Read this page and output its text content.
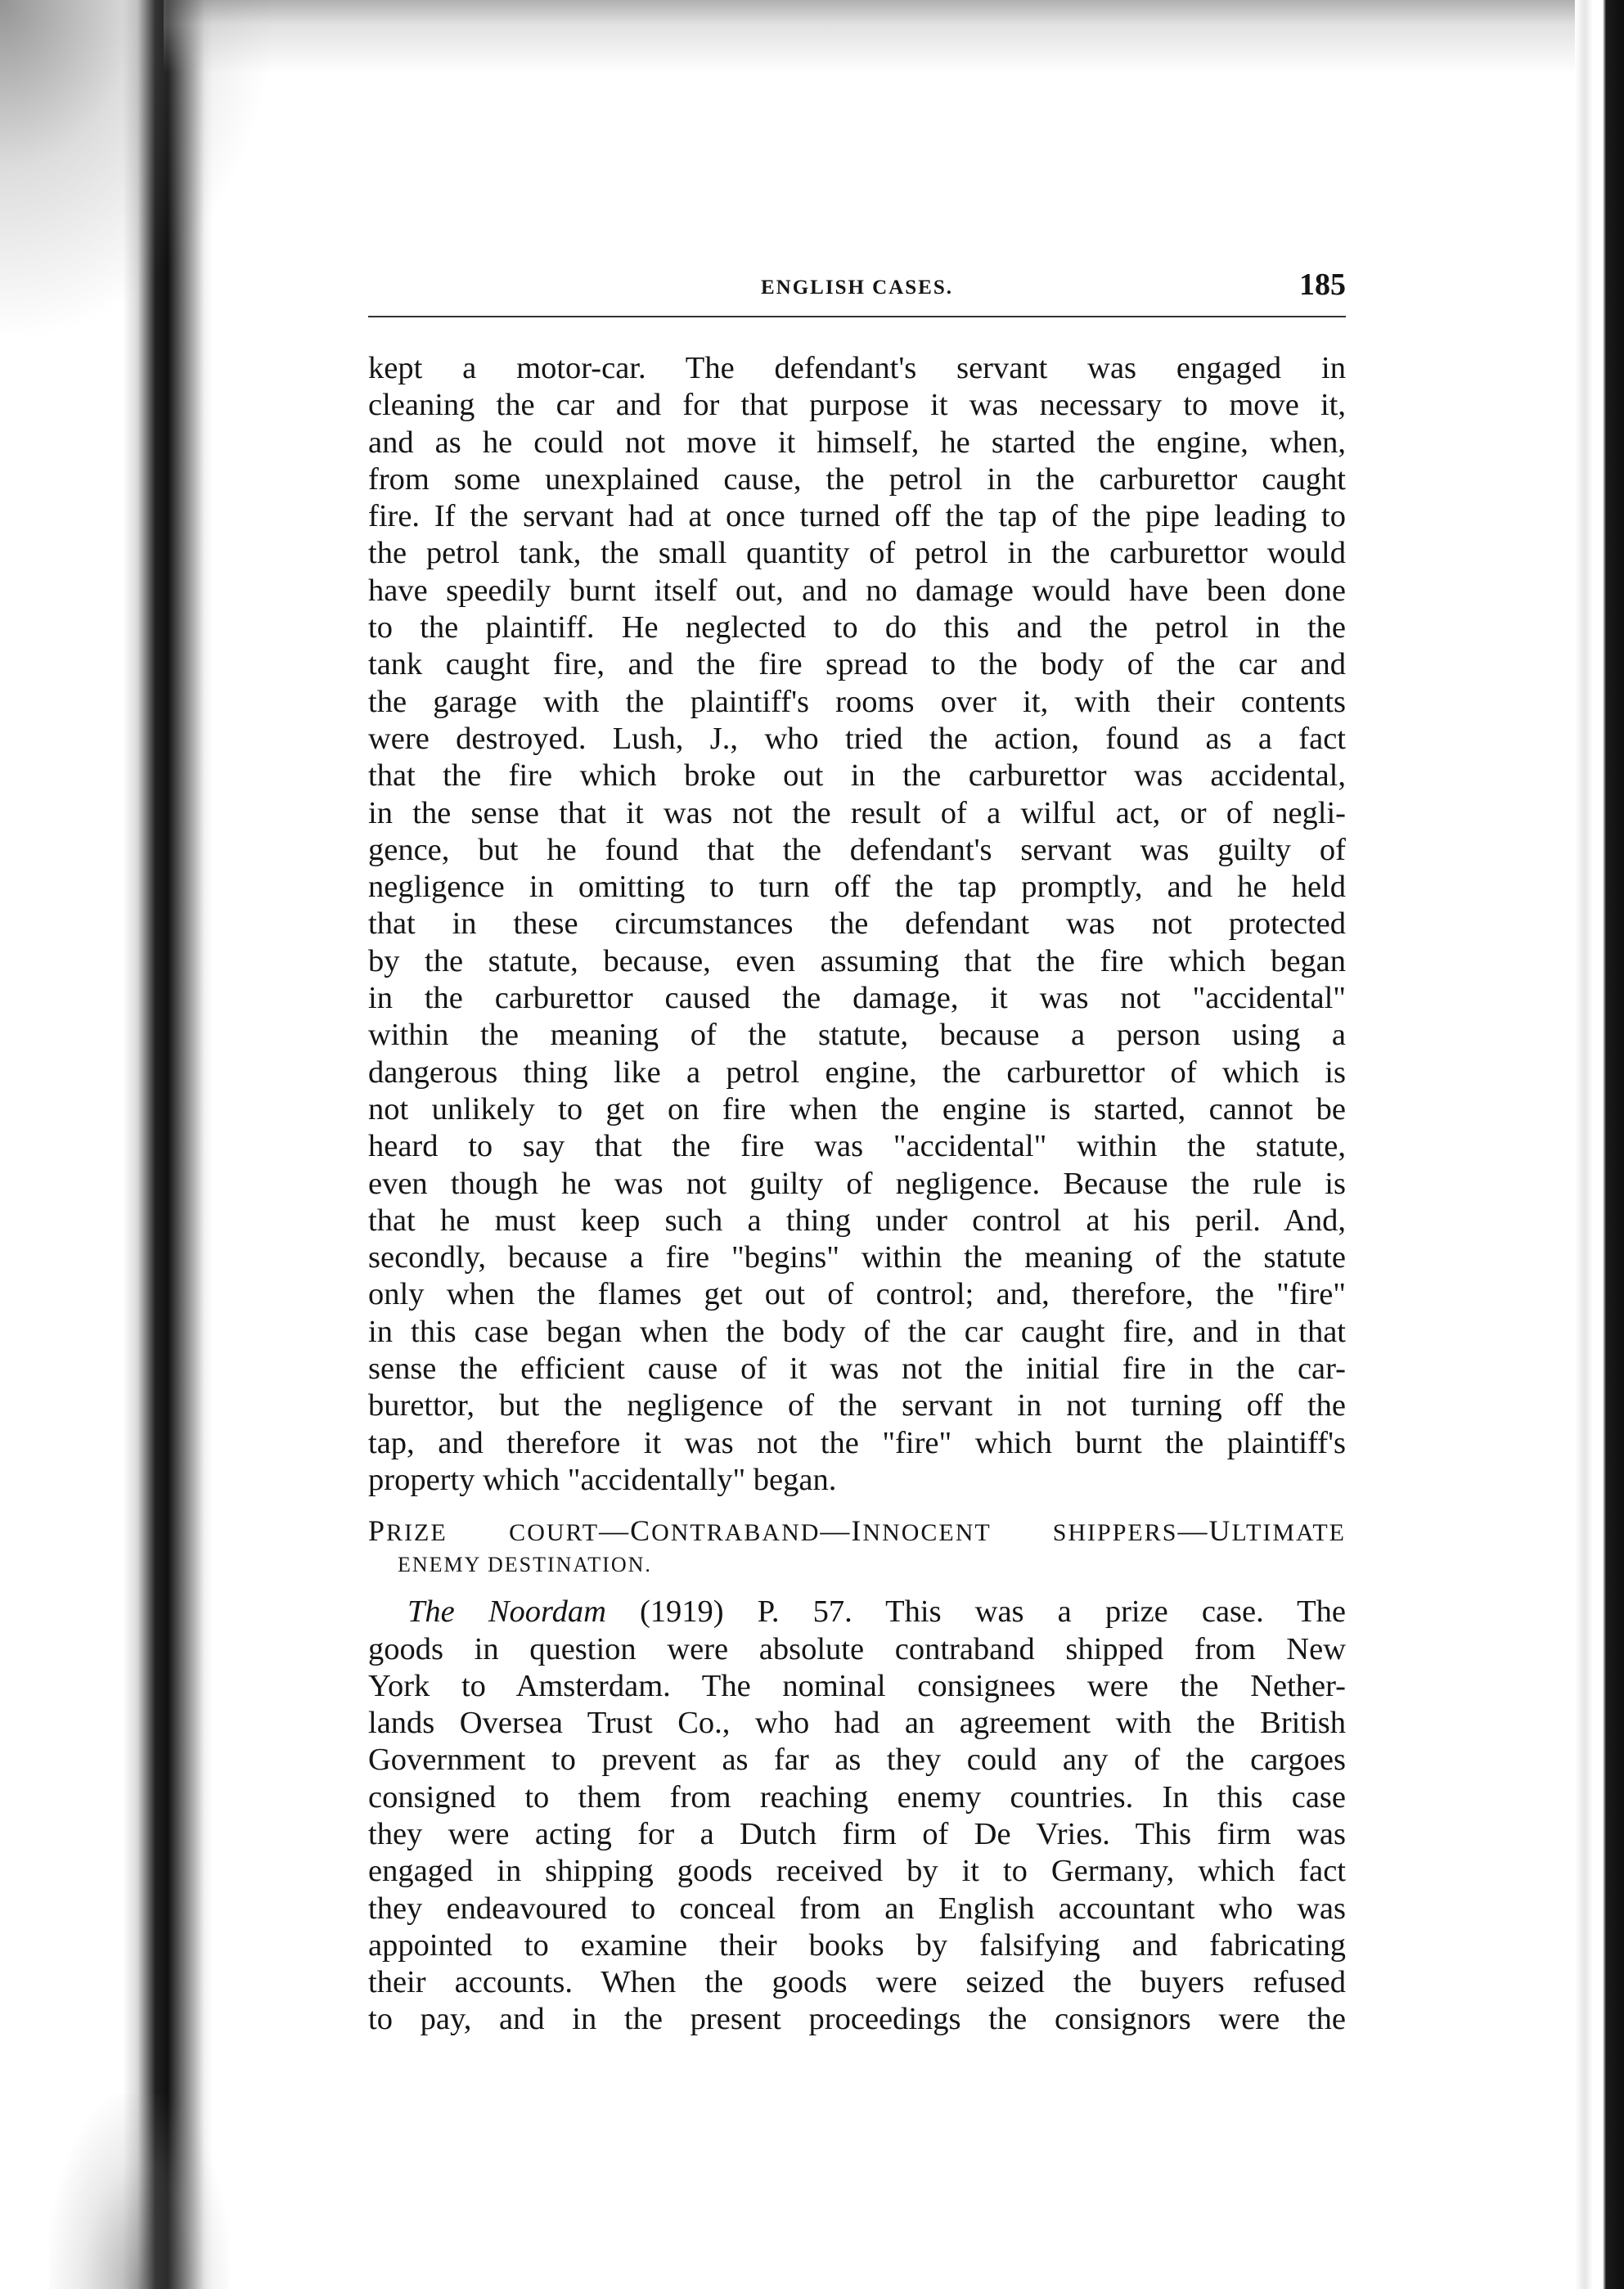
ENGLISH CASES.	185
kept a motor-car. The defendant's servant was engaged in
cleaning the car and for that purpose it was necessary to move it,
and as he could not move it himself, he started the engine, when,
from some unexplained cause, the petrol in the carburettor caught
fire. If the servant had at once turned off the tap of the pipe leading to
the petrol tank, the small quantity of petrol in the carburettor would
have speedily burnt itself out, and no damage would have been done
to the plaintiff. He neglected to do this and the petrol in the
tank caught fire, and the fire spread to the body of the car and
the garage with the plaintiff's rooms over it, with their contents
were destroyed. Lush, J., who tried the action, found as a fact
that the fire which broke out in the carburettor was accidental,
in the sense that it was not the result of a wilful act, or of negli-
gence, but he found that the defendant's servant was guilty of
negligence in omitting to turn off the tap promptly, and he held
that in these circumstances the defendant was not protected
by the statute, because, even assuming that the fire which began
in the carburettor caused the damage, it was not "accidental"
within the meaning of the statute, because a person using a
dangerous thing like a petrol engine, the carburettor of which is
not unlikely to get on fire when the engine is started, cannot be
heard to say that the fire was "accidental" within the statute,
even though he was not guilty of negligence. Because the rule is
that he must keep such a thing under control at his peril. And,
secondly, because a fire "begins" within the meaning of the statute
only when the flames get out of control; and, therefore, the "fire"
in this case began when the body of the car caught fire, and in that
sense the efficient cause of it was not the initial fire in the car-
burettor, but the negligence of the servant in not turning off the
tap, and therefore it was not the "fire" which burnt the plaintiff's
property which "accidentally" began.
PRIZE COURT—CONTRABAND—INNOCENT SHIPPERS—ULTIMATE
ENEMY DESTINATION.
The Noordam (1919) P. 57. This was a prize case. The
goods in question were absolute contraband shipped from New
York to Amsterdam. The nominal consignees were the Nether-
lands Oversea Trust Co., who had an agreement with the British
Government to prevent as far as they could any of the cargoes
consigned to them from reaching enemy countries. In this case
they were acting for a Dutch firm of De Vries. This firm was
engaged in shipping goods received by it to Germany, which fact
they endeavoured to conceal from an English accountant who was
appointed to examine their books by falsifying and fabricating
their accounts. When the goods were seized the buyers refused
to pay, and in the present proceedings the consignors were the
